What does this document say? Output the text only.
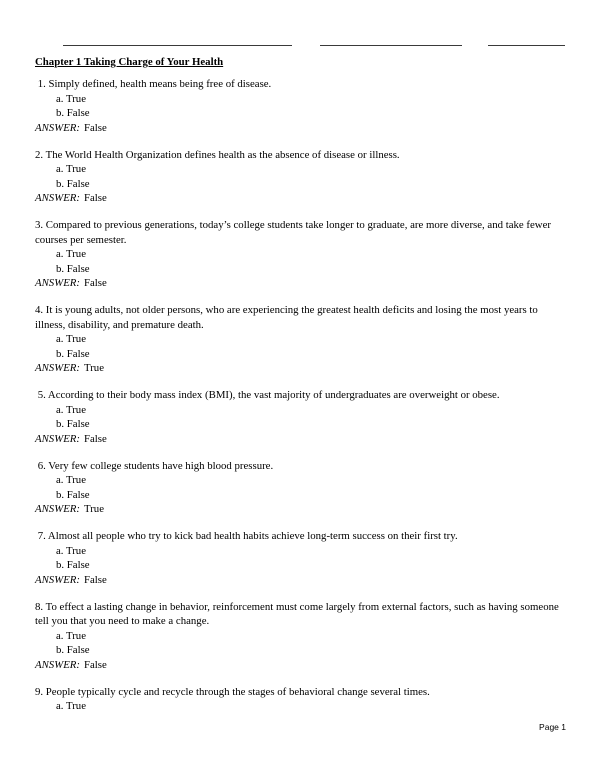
Chapter 1 Taking Charge of Your Health
1. Simply defined, health means being free of disease.
a. True
b. False
ANSWER: False
2. The World Health Organization defines health as the absence of disease or illness.
a. True
b. False
ANSWER: False
3. Compared to previous generations, today’s college students take longer to graduate, are more diverse, and take fewer
courses per semester.
a. True
b. False
ANSWER: False
4. It is young adults, not older persons, who are experiencing the greatest health deficits and losing the most years to
illness, disability, and premature death.
a. True
b. False
ANSWER: True
5. According to their body mass index (BMI), the vast majority of undergraduates are overweight or obese.
a. True
b. False
ANSWER: False
6. Very few college students have high blood pressure.
a. True
b. False
ANSWER: True
7. Almost all people who try to kick bad health habits achieve long-term success on their first try.
a. True
b. False
ANSWER: False
8. To effect a lasting change in behavior, reinforcement must come largely from external factors, such as having someone
tell you that you need to make a change.
a. True
b. False
ANSWER: False
9. People typically cycle and recycle through the stages of behavioral change several times.
a. True
Page 1
